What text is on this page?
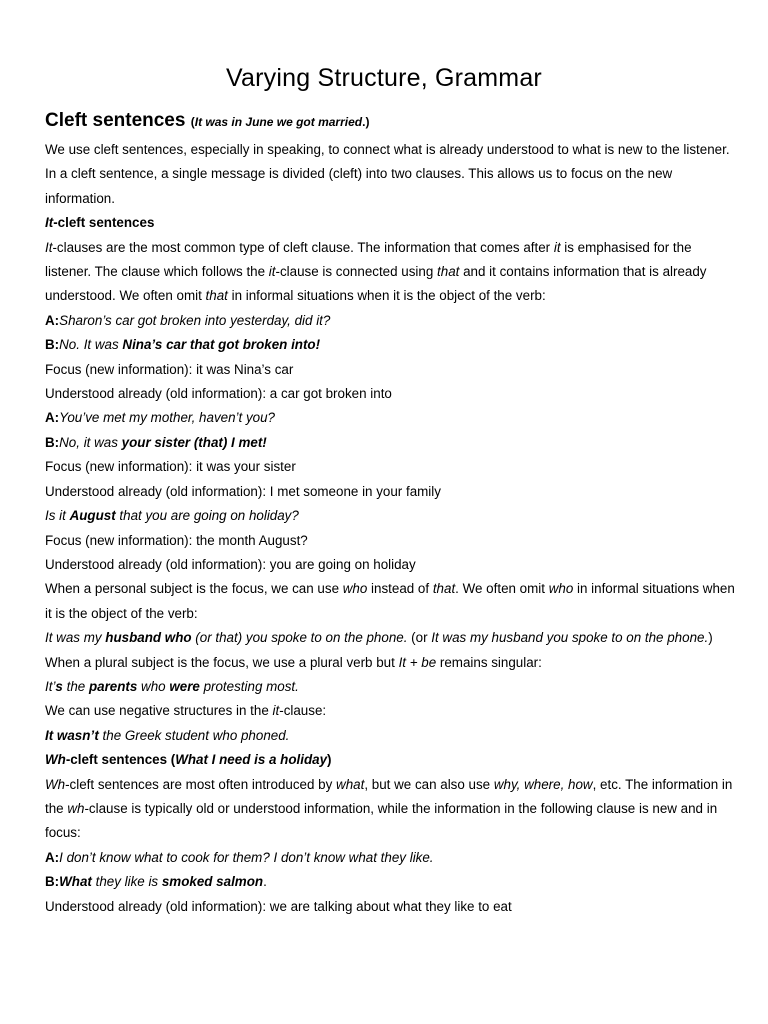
Varying Structure, Grammar
Cleft sentences (It was in June we got married.)
We use cleft sentences, especially in speaking, to connect what is already understood to what is new to the listener. In a cleft sentence, a single message is divided (cleft) into two clauses. This allows us to focus on the new information.
It-cleft sentences
It-clauses are the most common type of cleft clause. The information that comes after it is emphasised for the listener. The clause which follows the it-clause is connected using that and it contains information that is already understood. We often omit that in informal situations when it is the object of the verb:
A:Sharon’s car got broken into yesterday, did it?
B:No. It was Nina’s car that got broken into!
Focus (new information): it was Nina’s car
Understood already (old information): a car got broken into
A:You’ve met my mother, haven’t you?
B:No, it was your sister (that) I met!
Focus (new information): it was your sister
Understood already (old information): I met someone in your family
Is it August that you are going on holiday?
Focus (new information): the month August?
Understood already (old information): you are going on holiday
When a personal subject is the focus, we can use who instead of that. We often omit who in informal situations when it is the object of the verb:
It was my husband who (or that) you spoke to on the phone. (or It was my husband you spoke to on the phone.)
When a plural subject is the focus, we use a plural verb but It + be remains singular:
It’s the parents who were protesting most.
We can use negative structures in the it-clause:
It wasn’t the Greek student who phoned.
Wh-cleft sentences (What I need is a holiday)
Wh-cleft sentences are most often introduced by what, but we can also use why, where, how, etc. The information in the wh-clause is typically old or understood information, while the information in the following clause is new and in focus:
A:I don’t know what to cook for them? I don’t know what they like.
B:What they like is smoked salmon.
Understood already (old information): we are talking about what they like to eat
